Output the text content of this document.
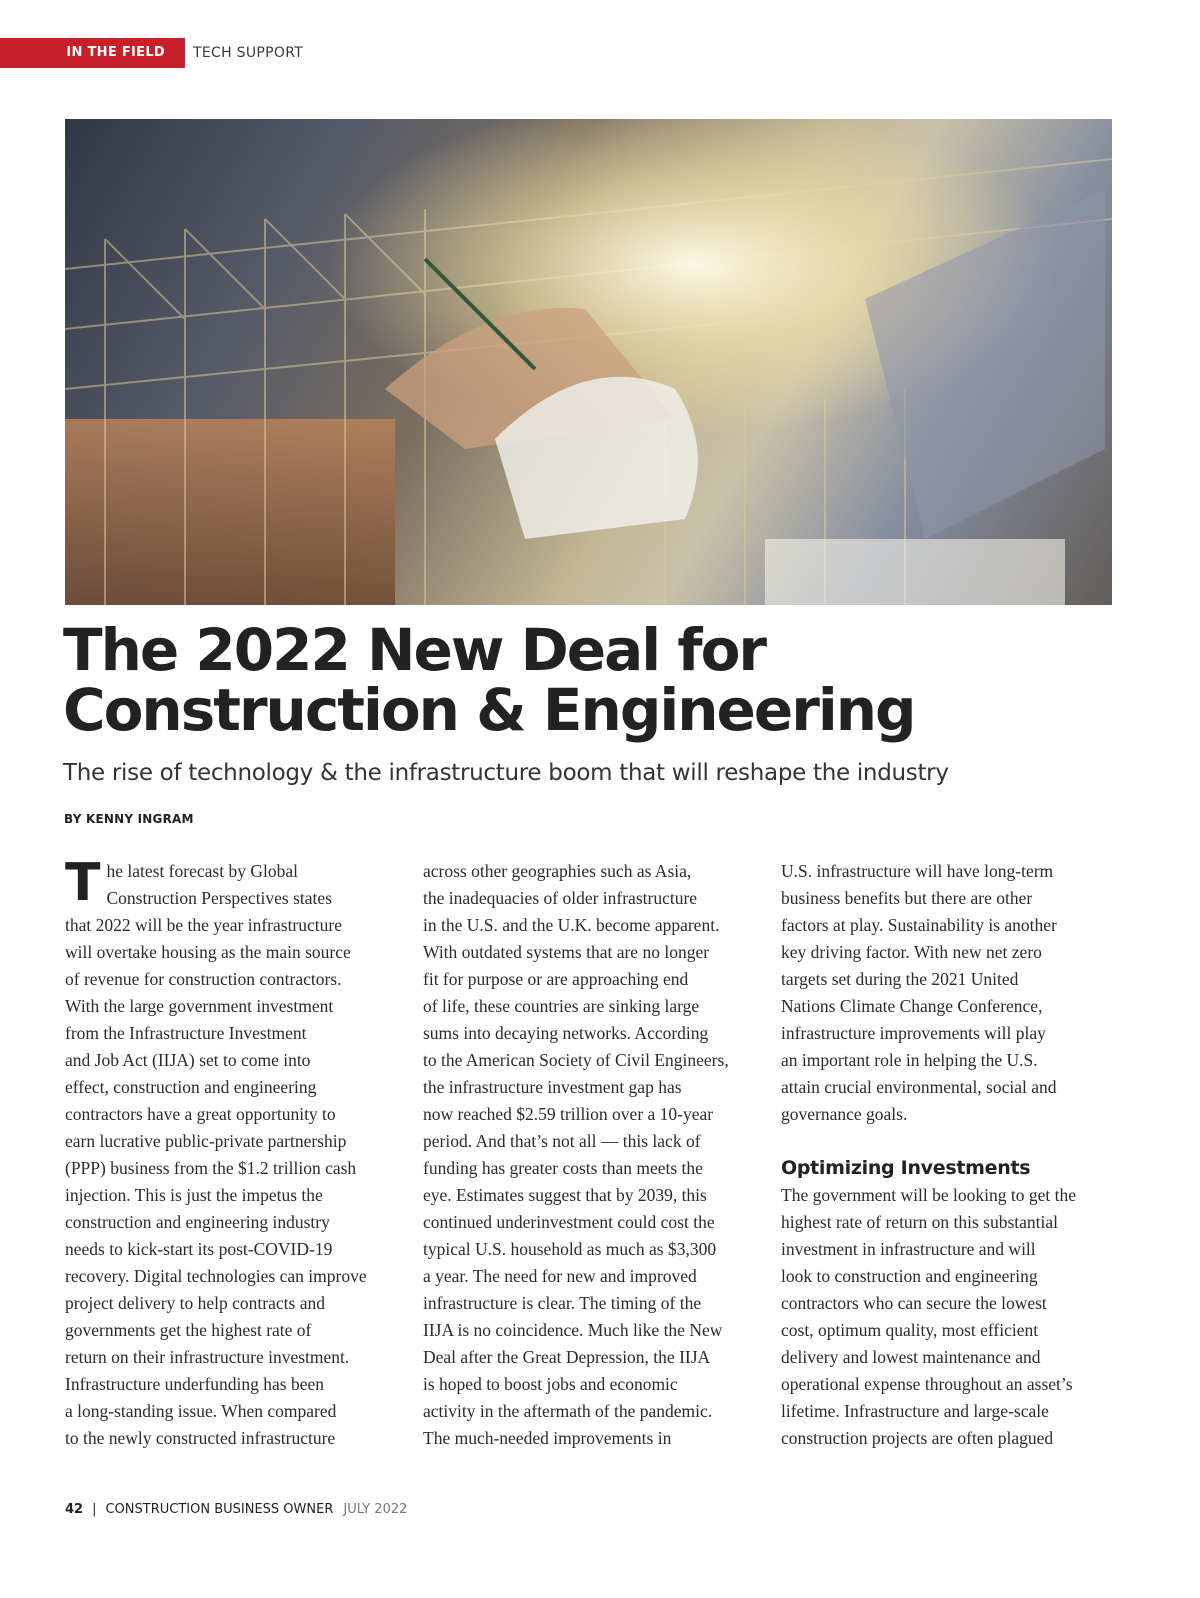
IN THE FIELD	TECH SUPPORT
The 2022 New Deal for
Construction & Engineering

The rise of technology & the infrastructure boom that will reshape the industry

BY KENNY INGRAM
T he latest forecast by Global
Construction Perspectives states
that 2022 will be the year infrastructure
will overtake housing as the main source
of revenue for construction contractors.
With the large government investment
from the Infrastructure Investment
and Job Act (IIJA) set to come into
effect, construction and engineering
contractors have a great opportunity to
earn lucrative public-private partnership
(PPP) business from the $1.2 trillion cash
injection. This is just the impetus the
construction and engineering industry
needs to kick-start its post-COVID-19
recovery. Digital technologies can improve
project delivery to help contracts and
governments get the highest rate of
return on their infrastructure investment.
Infrastructure underfunding has been
a long-standing issue. When compared
to the newly constructed infrastructure
across other geographies such as Asia,
the inadequacies of older infrastructure
in the U.S. and the U.K. become apparent.
With outdated systems that are no longer
fit for purpose or are approaching end
of life, these countries are sinking large
sums into decaying networks. According
to the American Society of Civil Engineers,
the infrastructure investment gap has
now reached $2.59 trillion over a 10-year
period. And that’s not all — this lack of
funding has greater costs than meets the
eye. Estimates suggest that by 2039, this
continued underinvestment could cost the
typical U.S. household as much as $3,300
a year. The need for new and improved
infrastructure is clear. The timing of the
IIJA is no coincidence. Much like the New
Deal after the Great Depression, the IIJA
is hoped to boost jobs and economic
activity in the aftermath of the pandemic.
The much-needed improvements in
U.S. infrastructure will have long-term
business benefits but there are other
factors at play. Sustainability is another
key driving factor. With new net zero
targets set during the 2021 United
Nations Climate Change Conference,
infrastructure improvements will play
an important role in helping the U.S.
attain crucial environmental, social and
governance goals.
Optimizing Investments
The government will be looking to get the
highest rate of return on this substantial
investment in infrastructure and will
look to construction and engineering
contractors who can secure the lowest
cost, optimum quality, most efficient
delivery and lowest maintenance and
operational expense throughout an asset’s
lifetime. Infrastructure and large-scale
construction projects are often plagued
42 | CONSTRUCTION BUSINESS OWNER JULY 2022
